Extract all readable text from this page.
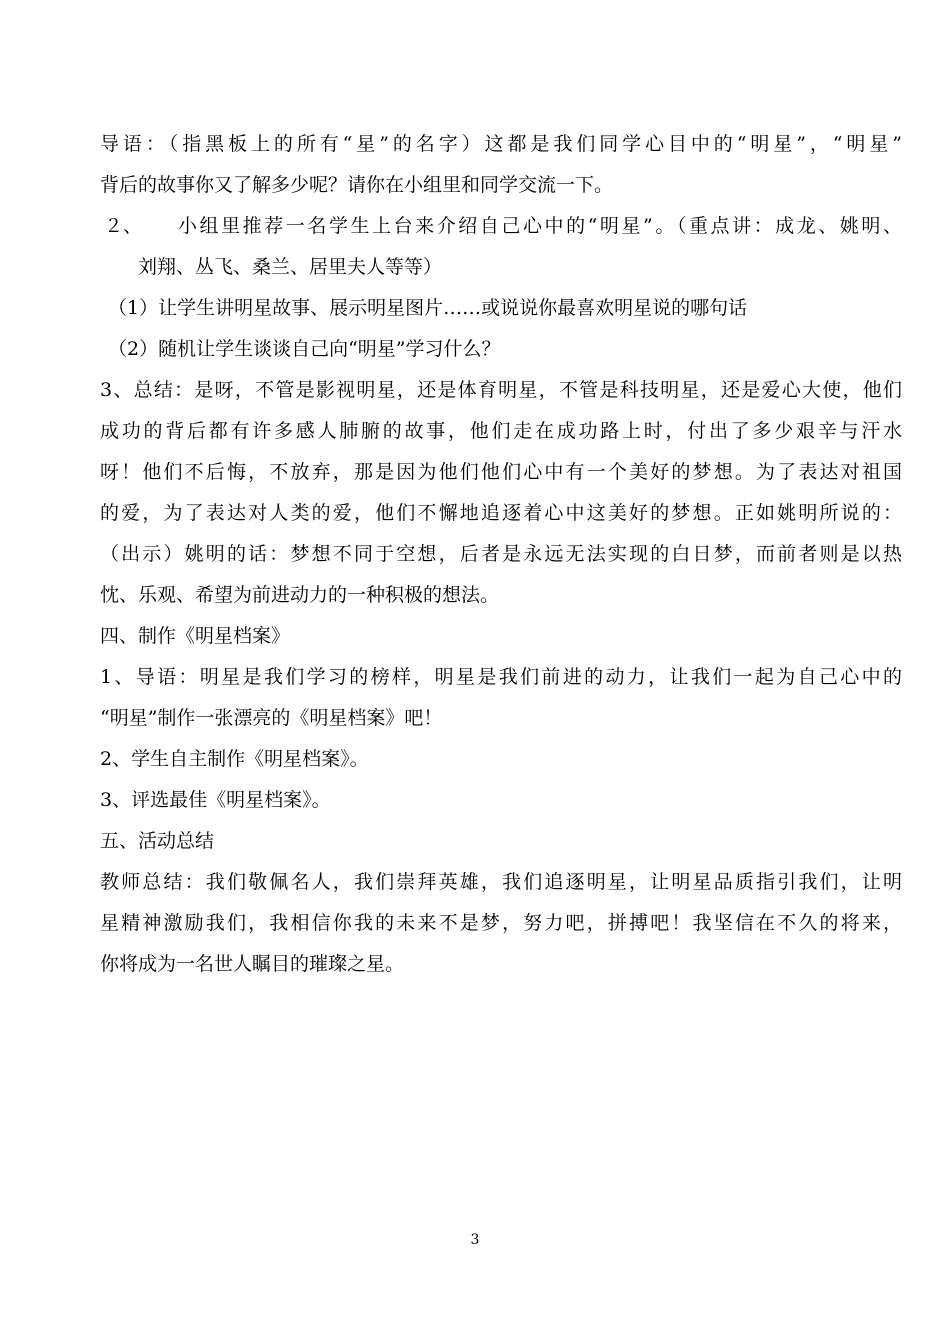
导语：（指黑板上的所有“星”的名字）这都是我们同学心目中的“明星”，“明星”
背后的故事你又了解多少呢？请你在小组里和同学交流一下。
２、	小组里推荐一名学生上台来介绍自己心中的“明星”。（重点讲：成龙、姚明、
刘翔、丛飞、桑兰、居里夫人等等）
（1）让学生讲明星故事、展示明星图片……或说说你最喜欢明星说的哪句话
（2）随机让学生谈谈自己向“明星”学习什么？
3、总结：是呀，不管是影视明星，还是体育明星，不管是科技明星，还是爱心大使，他们
成功的背后都有许多感人肺腑的故事，他们走在成功路上时，付出了多少艰辛与汗水
呀！他们不后悔，不放弃，那是因为他们他们心中有一个美好的梦想。为了表达对祖国
的爱，为了表达对人类的爱，他们不懈地追逐着心中这美好的梦想。正如姚明所说的：
（出示）姚明的话：梦想不同于空想，后者是永远无法实现的白日梦，而前者则是以热
忱、乐观、希望为前进动力的一种积极的想法。
四、制作《明星档案》
1、导语：明星是我们学习的榜样，明星是我们前进的动力，让我们一起为自己心中的
“明星”制作一张漂亮的《明星档案》吧！
2、学生自主制作《明星档案》。
3、评选最佳《明星档案》。
五、活动总结
教师总结：我们敬佩名人，我们崇拜英雄，我们追逐明星，让明星品质指引我们，让明
星精神激励我们，我相信你我的未来不是梦，努力吧，拼搏吧！我坚信在不久的将来，
你将成为一名世人瞩目的璀璨之星。
3
